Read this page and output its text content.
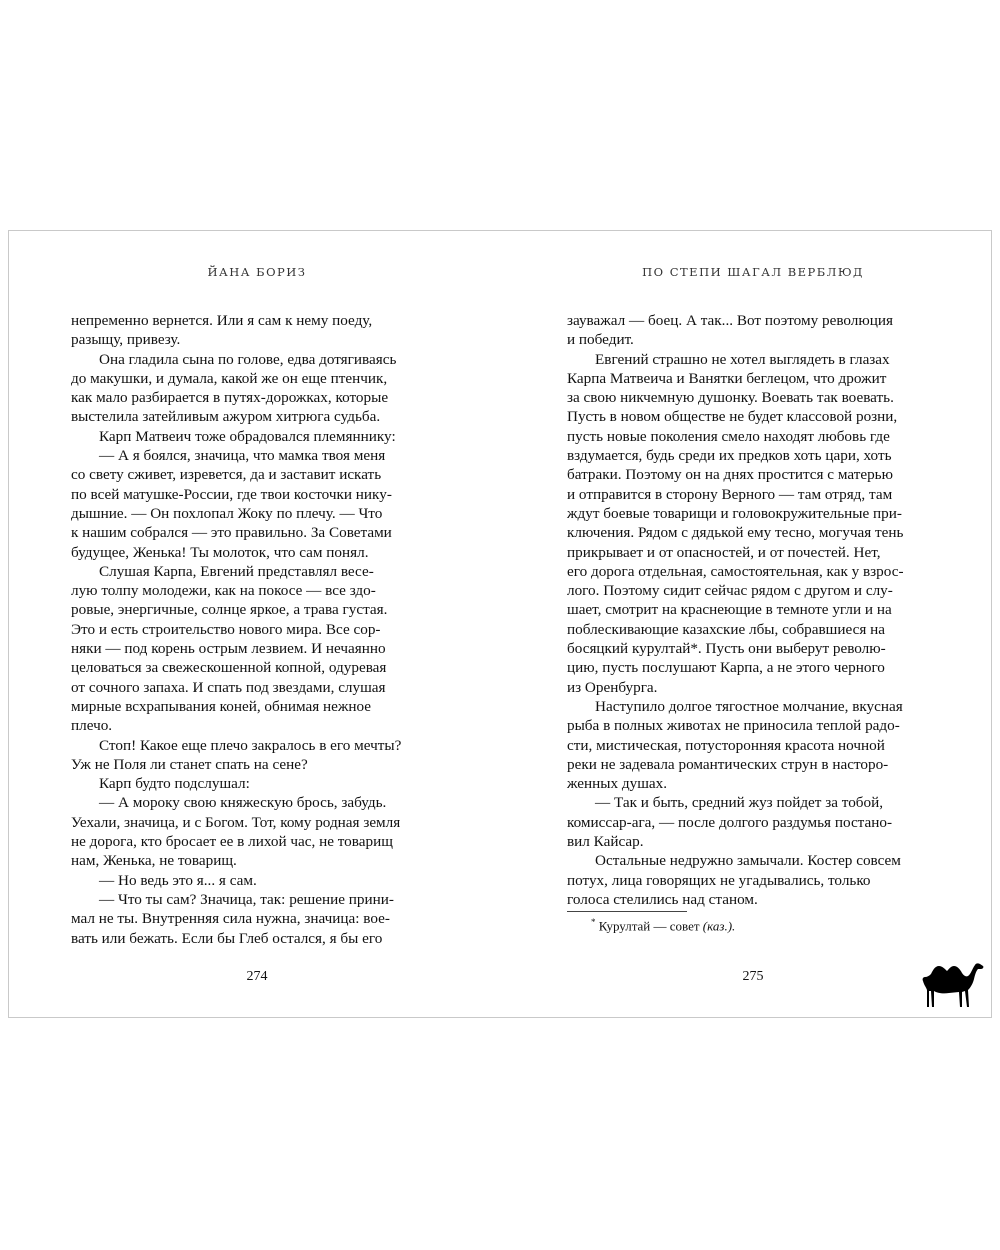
ЙАНА БОРИЗ
непременно вернется. Или я сам к нему поеду,
разыщу, привезу.
Она гладила сына по голове, едва дотягиваясь
до макушки, и думала, какой же он еще птенчик,
как мало разбирается в путях-дорожках, которые
выстелила затейливым ажуром хитрюга судьба.
Карп Матвеич тоже обрадовался племяннику:
— А я боялся, значица, что мамка твоя меня
со свету сживет, изревется, да и заставит искать
по всей матушке-России, где твои косточки нику-
дышние. — Он похлопал Жоку по плечу. — Что
к нашим собрался — это правильно. За Советами
будущее, Женька! Ты молоток, что сам понял.
Слушая Карпа, Евгений представлял весе-
лую толпу молодежи, как на покосе — все здо-
ровые, энергичные, солнце яркое, а трава густая.
Это и есть строительство нового мира. Все сор-
няки — под корень острым лезвием. И нечаянно
целоваться за свежескошенной копной, одуревая
от сочного запаха. И спать под звездами, слушая
мирные всхрапывания коней, обнимая нежное
плечо.
Стоп! Какое еще плечо закралось в его мечты?
Уж не Поля ли станет спать на сене?
Карп будто подслушал:
— А мороку свою княжескую брось, забудь.
Уехали, значица, и с Богом. Тот, кому родная земля
не дорога, кто бросает ее в лихой час, не товарищ
нам, Женька, не товарищ.
— Но ведь это я... я сам.
— Что ты сам? Значица, так: решение прини-
мал не ты. Внутренняя сила нужна, значица: вое-
вать или бежать. Если бы Глеб остался, я бы его
274
ПО СТЕПИ ШАГАЛ ВЕРБЛЮД
зауважал — боец. А так... Вот поэтому революция
и победит.
Евгений страшно не хотел выглядеть в глазах
Карпа Матвеича и Ванятки беглецом, что дрожит
за свою никчемную душонку. Воевать так воевать.
Пусть в новом обществе не будет классовой розни,
пусть новые поколения смело находят любовь где
вздумается, будь среди их предков хоть цари, хоть
батраки. Поэтому он на днях простится с матерью
и отправится в сторону Верного — там отряд, там
ждут боевые товарищи и головокружительные при-
ключения. Рядом с дядькой ему тесно, могучая тень
прикрывает и от опасностей, и от почестей. Нет,
его дорога отдельная, самостоятельная, как у взрос-
лого. Поэтому сидит сейчас рядом с другом и слу-
шает, смотрит на краснеющие в темноте угли и на
поблескивающие казахские лбы, собравшиеся на
босяцкий курултай*. Пусть они выберут револю-
цию, пусть послушают Карпа, а не этого черного
из Оренбурга.
Наступило долгое тягостное молчание, вкусная
рыба в полных животах не приносила теплой радо-
сти, мистическая, потусторонняя красота ночной
реки не задевала романтических струн в насторо-
женных душах.
— Так и быть, средний жуз пойдет за тобой,
комиссар-ага, — после долгого раздумья постано-
вил Кайсар.
Остальные недружно замычали. Костер совсем
потух, лица говорящих не угадывались, только
голоса стелились над станом.
* Курултай — совет (каз.).
275
